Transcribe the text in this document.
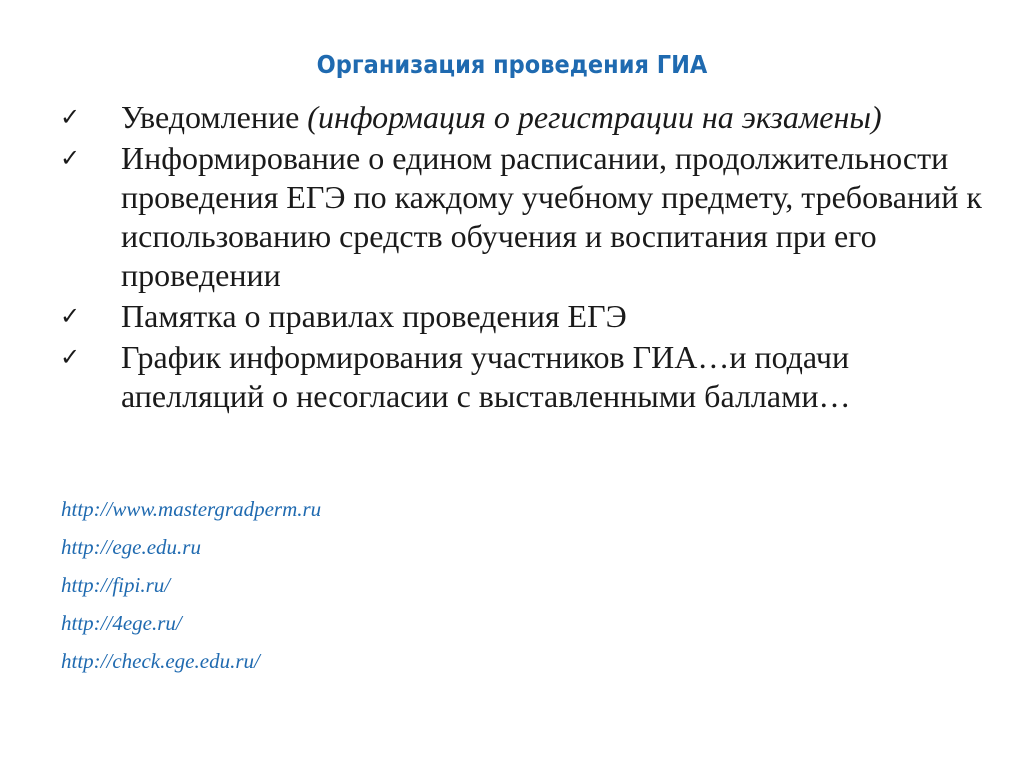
Организация проведения ГИА
✓ Уведомление (информация о регистрации на экзамены)
✓ Информирование о едином расписании, продолжительности проведения ЕГЭ по каждому учебному предмету, требований к использованию средств обучения и воспитания при его проведении
✓ Памятка о правилах проведения ЕГЭ
✓ График информирования участников ГИА…и подачи апелляций о несогласии с выставленными баллами…
http://www.mastergradperm.ru
http://ege.edu.ru
http://fipi.ru/
http://4ege.ru/
http://check.ege.edu.ru/
